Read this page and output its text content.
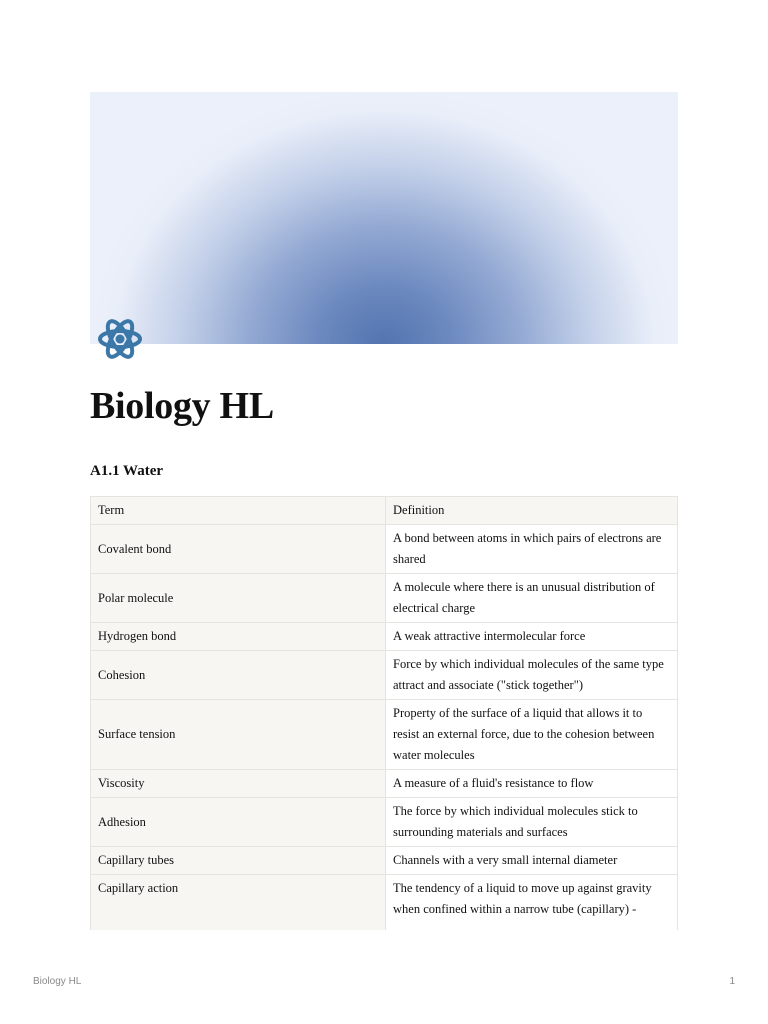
Biology HL
A1.1 Water
Term	Definition
Covalent bond	A bond between atoms in which pairs of electrons are shared
Polar molecule	A molecule where there is an unusual distribution of electrical charge
Hydrogen bond	A weak attractive intermolecular force
Cohesion	Force by which individual molecules of the same type attract and associate ("stick together")
Surface tension	Property of the surface of a liquid that allows it to resist an external force, due to the cohesion between water molecules
Viscosity	A measure of a fluid's resistance to flow
Adhesion	The force by which individual molecules stick to surrounding materials and surfaces
Capillary tubes	Channels with a very small internal diameter
Capillary action	The tendency of a liquid to move up against gravity when confined within a narrow tube (capillary) -
Biology HL	1
